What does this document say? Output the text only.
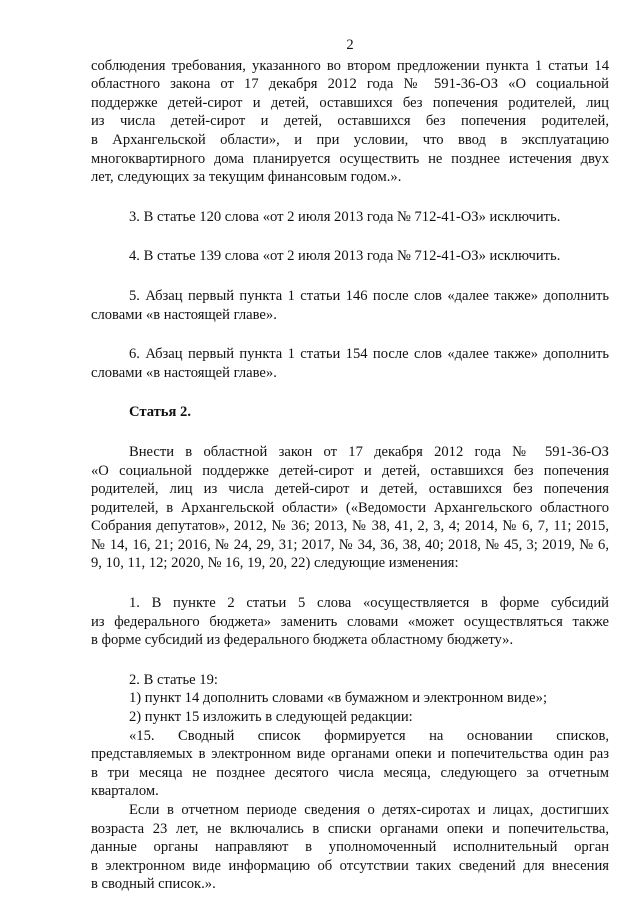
2
соблюдения требования, указанного во втором предложении пункта 1 статьи 14
областного закона от 17 декабря 2012 года № 591-36-ОЗ «О социальной
поддержке детей-сирот и детей, оставшихся без попечения родителей, лиц
из числа детей-сирот и детей, оставшихся без попечения родителей,
в Архангельской области», и при условии, что ввод в эксплуатацию
многоквартирного дома планируется осуществить не позднее истечения двух
лет, следующих за текущим финансовым годом.».
3. В статье 120 слова «от 2 июля 2013 года № 712-41-ОЗ» исключить.
4. В статье 139 слова «от 2 июля 2013 года № 712-41-ОЗ» исключить.
5. Абзац первый пункта 1 статьи 146 после слов «далее также» дополнить
словами «в настоящей главе».
6. Абзац первый пункта 1 статьи 154 после слов «далее также» дополнить
словами «в настоящей главе».
Статья 2.
Внести в областной закон от 17 декабря 2012 года № 591-36-ОЗ
«О социальной поддержке детей-сирот и детей, оставшихся без попечения
родителей, лиц из числа детей-сирот и детей, оставшихся без попечения
родителей, в Архангельской области» («Ведомости Архангельского областного
Собрания депутатов», 2012, № 36; 2013, № 38, 41, 2, 3, 4; 2014, № 6, 7, 11; 2015,
№ 14, 16, 21; 2016, № 24, 29, 31; 2017, № 34, 36, 38, 40; 2018, № 45, 3; 2019, № 6,
9, 10, 11, 12; 2020, № 16, 19, 20, 22) следующие изменения:
1. В пункте 2 статьи 5 слова «осуществляется в форме субсидий
из федерального бюджета» заменить словами «может осуществляться также
в форме субсидий из федерального бюджета областному бюджету».
2. В статье 19:
1) пункт 14 дополнить словами «в бумажном и электронном виде»;
2) пункт 15 изложить в следующей редакции:
«15. Сводный список формируется на основании списков,
представляемых в электронном виде органами опеки и попечительства один раз
в три месяца не позднее десятого числа месяца, следующего за отчетным
кварталом.
Если в отчетном периоде сведения о детях-сиротах и лицах, достигших
возраста 23 лет, не включались в списки органами опеки и попечительства,
данные органы направляют в уполномоченный исполнительный орган
в электронном виде информацию об отсутствии таких сведений для внесения
в сводный список.».
